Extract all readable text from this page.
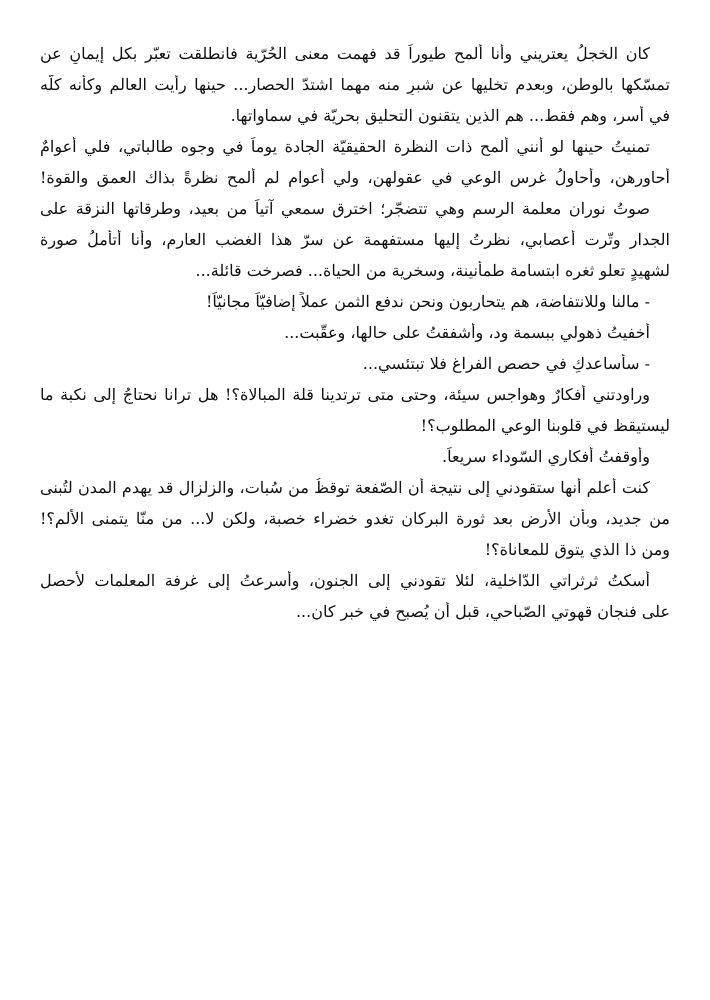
كان الخجلُ يعتريني وأنا ألمح طيوراً قد فهمت معنى الحُرّية فانطلقت تعبّر بكل إيمانٍ عن
تمسّكها بالوطن، وبعدم تخليها عن شبرٍ منه مهما اشتدّ الحصار... حينها رأيت العالم وكأنه كلّه
في أسر، وهم فقط... هم الذين يتقنون التحليق بحريّة في سماواتها.
تمنيتُ حينها لو أنني ألمح ذات النظرة الحقيقيّة الجادة يوماً في وجوه طالباتي، فلي أعوامٌ
أحاورهن، وأحاولُ غرس الوعي في عقولهن، ولي أعوام لم ألمح نظرةً بذاك العمق والقوة!
صوتُ نوران معلمة الرسم وهي تتضجّر؛ اخترق سمعي آتياً من بعيد، وطرقاتها النزقة على
الجدار وتّرت أعصابي، نظرتُ إليها مستفهمة عن سرّ هذا الغضب العارم، وأنا أتأملُ صورة
لشهيدٍ تعلو ثغره ابتسامة طمأنينة، وسخرية من الحياة... فصرخت قائلة...
- مالنا وللانتفاضة، هم يتحاربون ونحن ندفع الثمن عملاً إضافيّاً مجانيّاً!
أخفيتُ ذهولي ببسمة ود، وأشفقتُ على حالها، وعقّبت...
- سأساعدكِ في حصص الفراغ فلا تبتئسي...
وراودتني أفكارٌ وهواجس سيئة، وحتى متى ترتدينا قلة المبالاة؟! هل ترانا نحتاجُ إلى نكبة ما
ليستيقظ في قلوبنا الوعي المطلوب؟!
وأوقفتُ أفكاري السّوداء سريعاً.
كنت أعلم أنها ستقودني إلى نتيجة أن الصّفعة توقظُ من سُبات، والزلزال قد يهدم المدن لتُبنى
من جديد، وبأن الأرض بعد ثورة البركان تغدو خضراء خصبة، ولكن لا... من منّا يتمنى الألم؟!
ومن ذا الذي يتوق للمعاناة؟!
أسكتُ ثرثراتي الدّاخلية، لئلا تقودني إلى الجنون، وأسرعتُ إلى غرفة المعلمات لأحصل
على فنجان قهوتي الصّباحي، قبل أن يُصبح في خبر كان...
